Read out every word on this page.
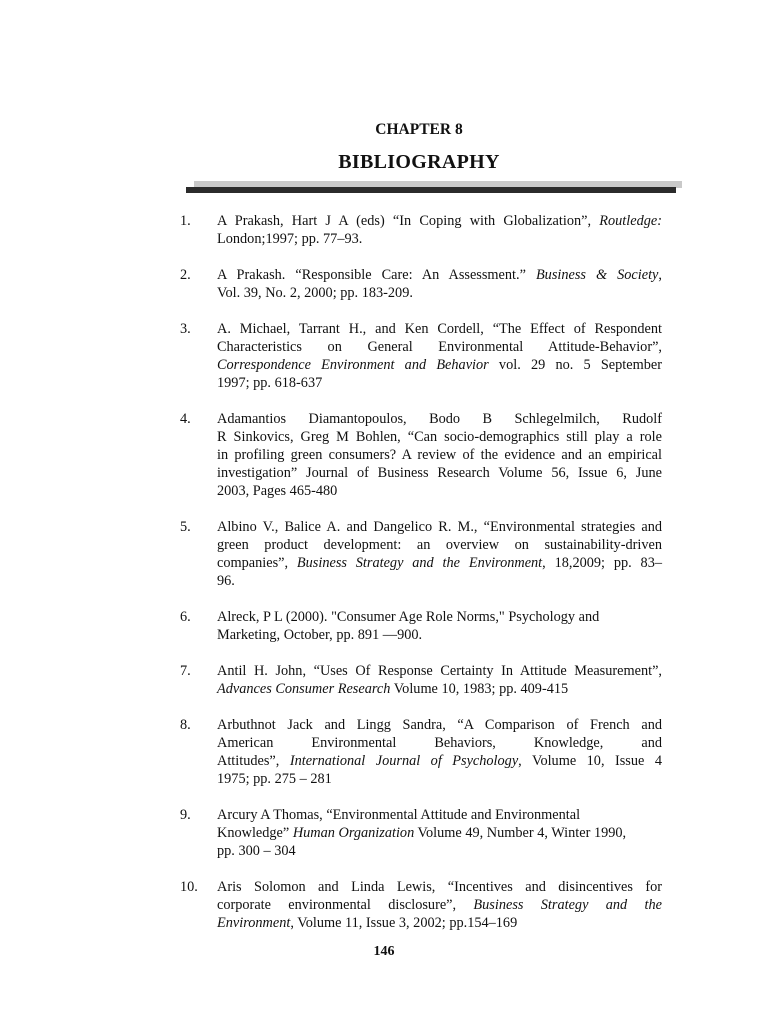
CHAPTER 8
BIBLIOGRAPHY
1.	A Prakash, Hart J A (eds) “In Coping with Globalization”, Routledge:
London;1997; pp. 77–93.
2.	A Prakash. “Responsible Care: An Assessment.” Business & Society,
Vol. 39, No. 2, 2000; pp. 183-209.
3.	A. Michael, Tarrant H., and Ken Cordell, “The Effect of Respondent
Characteristics on General Environmental Attitude-Behavior”,
Correspondence Environment and Behavior vol. 29 no. 5 September
1997; pp. 618-637
4.	Adamantios Diamantopoulos, Bodo B Schlegelmilch, Rudolf
R Sinkovics, Greg M Bohlen, “Can socio-demographics still play a role
in profiling green consumers? A review of the evidence and an empirical
investigation” Journal of Business Research Volume 56, Issue 6, June
2003, Pages 465-480
5.	Albino V., Balice A. and Dangelico R. M., “Environmental strategies and
green product development: an overview on sustainability-driven
companies”, Business Strategy and the Environment, 18,2009; pp. 83–
96.
6.	Alreck, P L (2000). "Consumer Age Role Norms," Psychology and
Marketing, October, pp. 891 —900.
7.	Antil H. John, “Uses Of Response Certainty In Attitude Measurement”,
Advances Consumer Research Volume 10, 1983; pp. 409-415
8.	Arbuthnot Jack and Lingg Sandra, “A Comparison of French and
American Environmental Behaviors, Knowledge, and
Attitudes”, International Journal of Psychology, Volume 10, Issue 4
1975; pp. 275 – 281
9.	Arcury A Thomas, “Environmental Attitude and Environmental
Knowledge” Human Organization Volume 49, Number 4, Winter 1990,
pp. 300 – 304
10.	Aris Solomon and Linda Lewis, “Incentives and disincentives for
corporate environmental disclosure”, Business Strategy and the
Environment, Volume 11, Issue 3, 2002; pp.154–169
146
